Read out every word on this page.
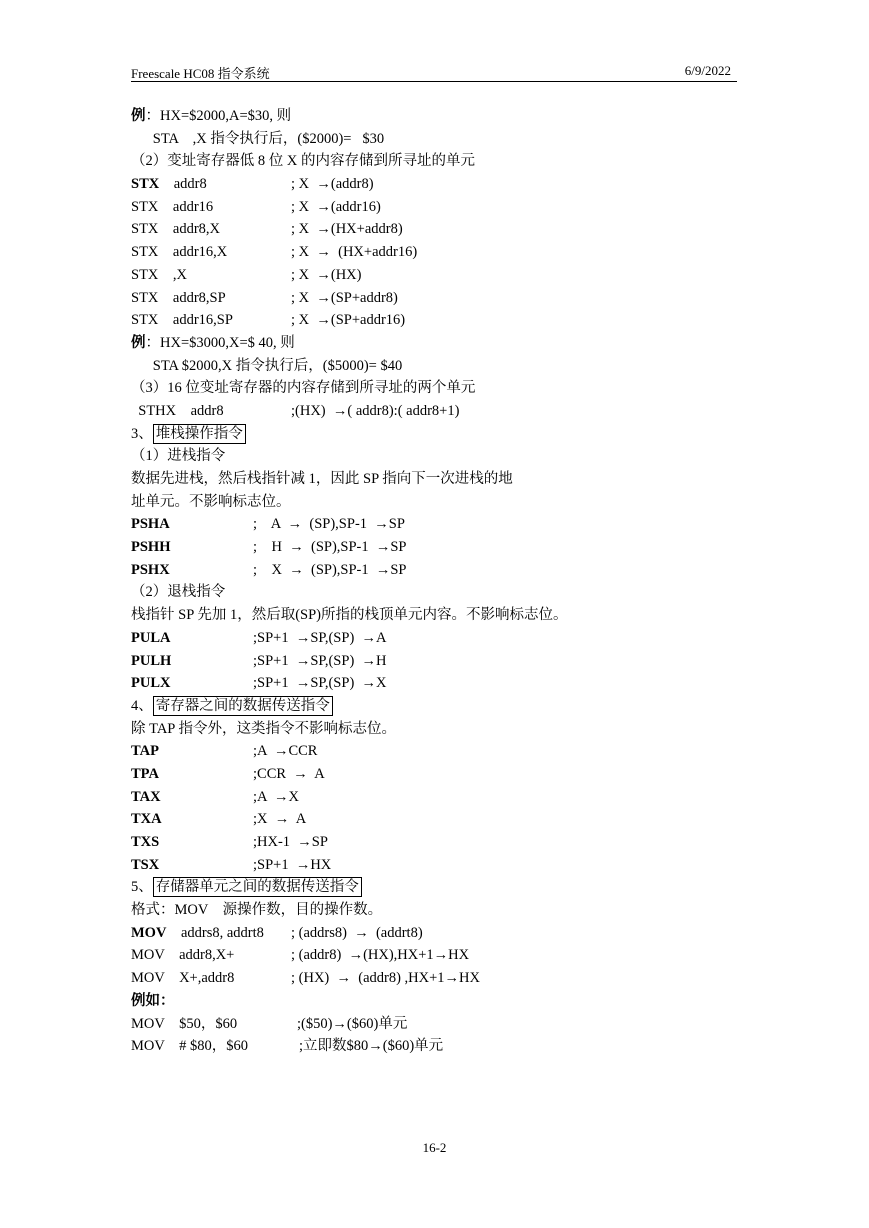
Freescale HC08 指令系统	6/9/2022
例：HX=$2000,A=$30, 则
STA    ,X 指令执行后，($2000)=   $30
（2）变址寄存器低 8 位 X 的内容存储到所寻址的单元
STX    addr8	; X  →(addr8)
STX    addr16	; X  →(addr16)
STX    addr8,X	; X  →(HX+addr8)
STX    addr16,X	; X  →  (HX+addr16)
STX    ,X	; X  →(HX)
STX    addr8,SP	; X  →(SP+addr8)
STX    addr16,SP	; X  →(SP+addr16)
例：HX=$3000,X=$ 40, 则
STA $2000,X 指令执行后，($5000)= $40
（3）16 位变址寄存器的内容存储到所寻址的两个单元
STHX    addr8	;(HX)  →( addr8):( addr8+1)
3、 堆栈操作指令
（1）进栈指令
数据先进栈，然后栈指针减 1，因此 SP 指向下一次进栈的地
址单元。不影响标志位。
PSHA	;    A  →  (SP),SP-1  →SP
PSHH	;    H  →  (SP),SP-1  →SP
PSHX	;    X  →  (SP),SP-1  →SP
（2）退栈指令
栈指针 SP 先加 1，然后取(SP)所指的栈顶单元内容。不影响标志位。
PULA	;SP+1  →SP,(SP)  →A
PULH	;SP+1  →SP,(SP)  →H
PULX	;SP+1  →SP,(SP)  →X
4、 寄存器之间的数据传送指令
除 TAP 指令外，这类指令不影响标志位。
TAP	;A  →CCR
TPA	;CCR  →  A
TAX	;A  →X
TXA	;X  →  A
TXS	;HX-1  →SP
TSX	;SP+1  →HX
5、 存储器单元之间的数据传送指令
格式：MOV    源操作数，目的操作数。
MOV    addrs8, addrt8 ; (addrs8)  →  (addrt8)
MOV    addr8,X+	; (addr8)  →(HX),HX+1→HX
MOV    X+,addr8	; (HX)  →  (addr8) ,HX+1→HX
例如：
MOV    $50，$60	;($50)→($60)单元
MOV    # $80，$60	;立即数$80→($60)单元
16-2
